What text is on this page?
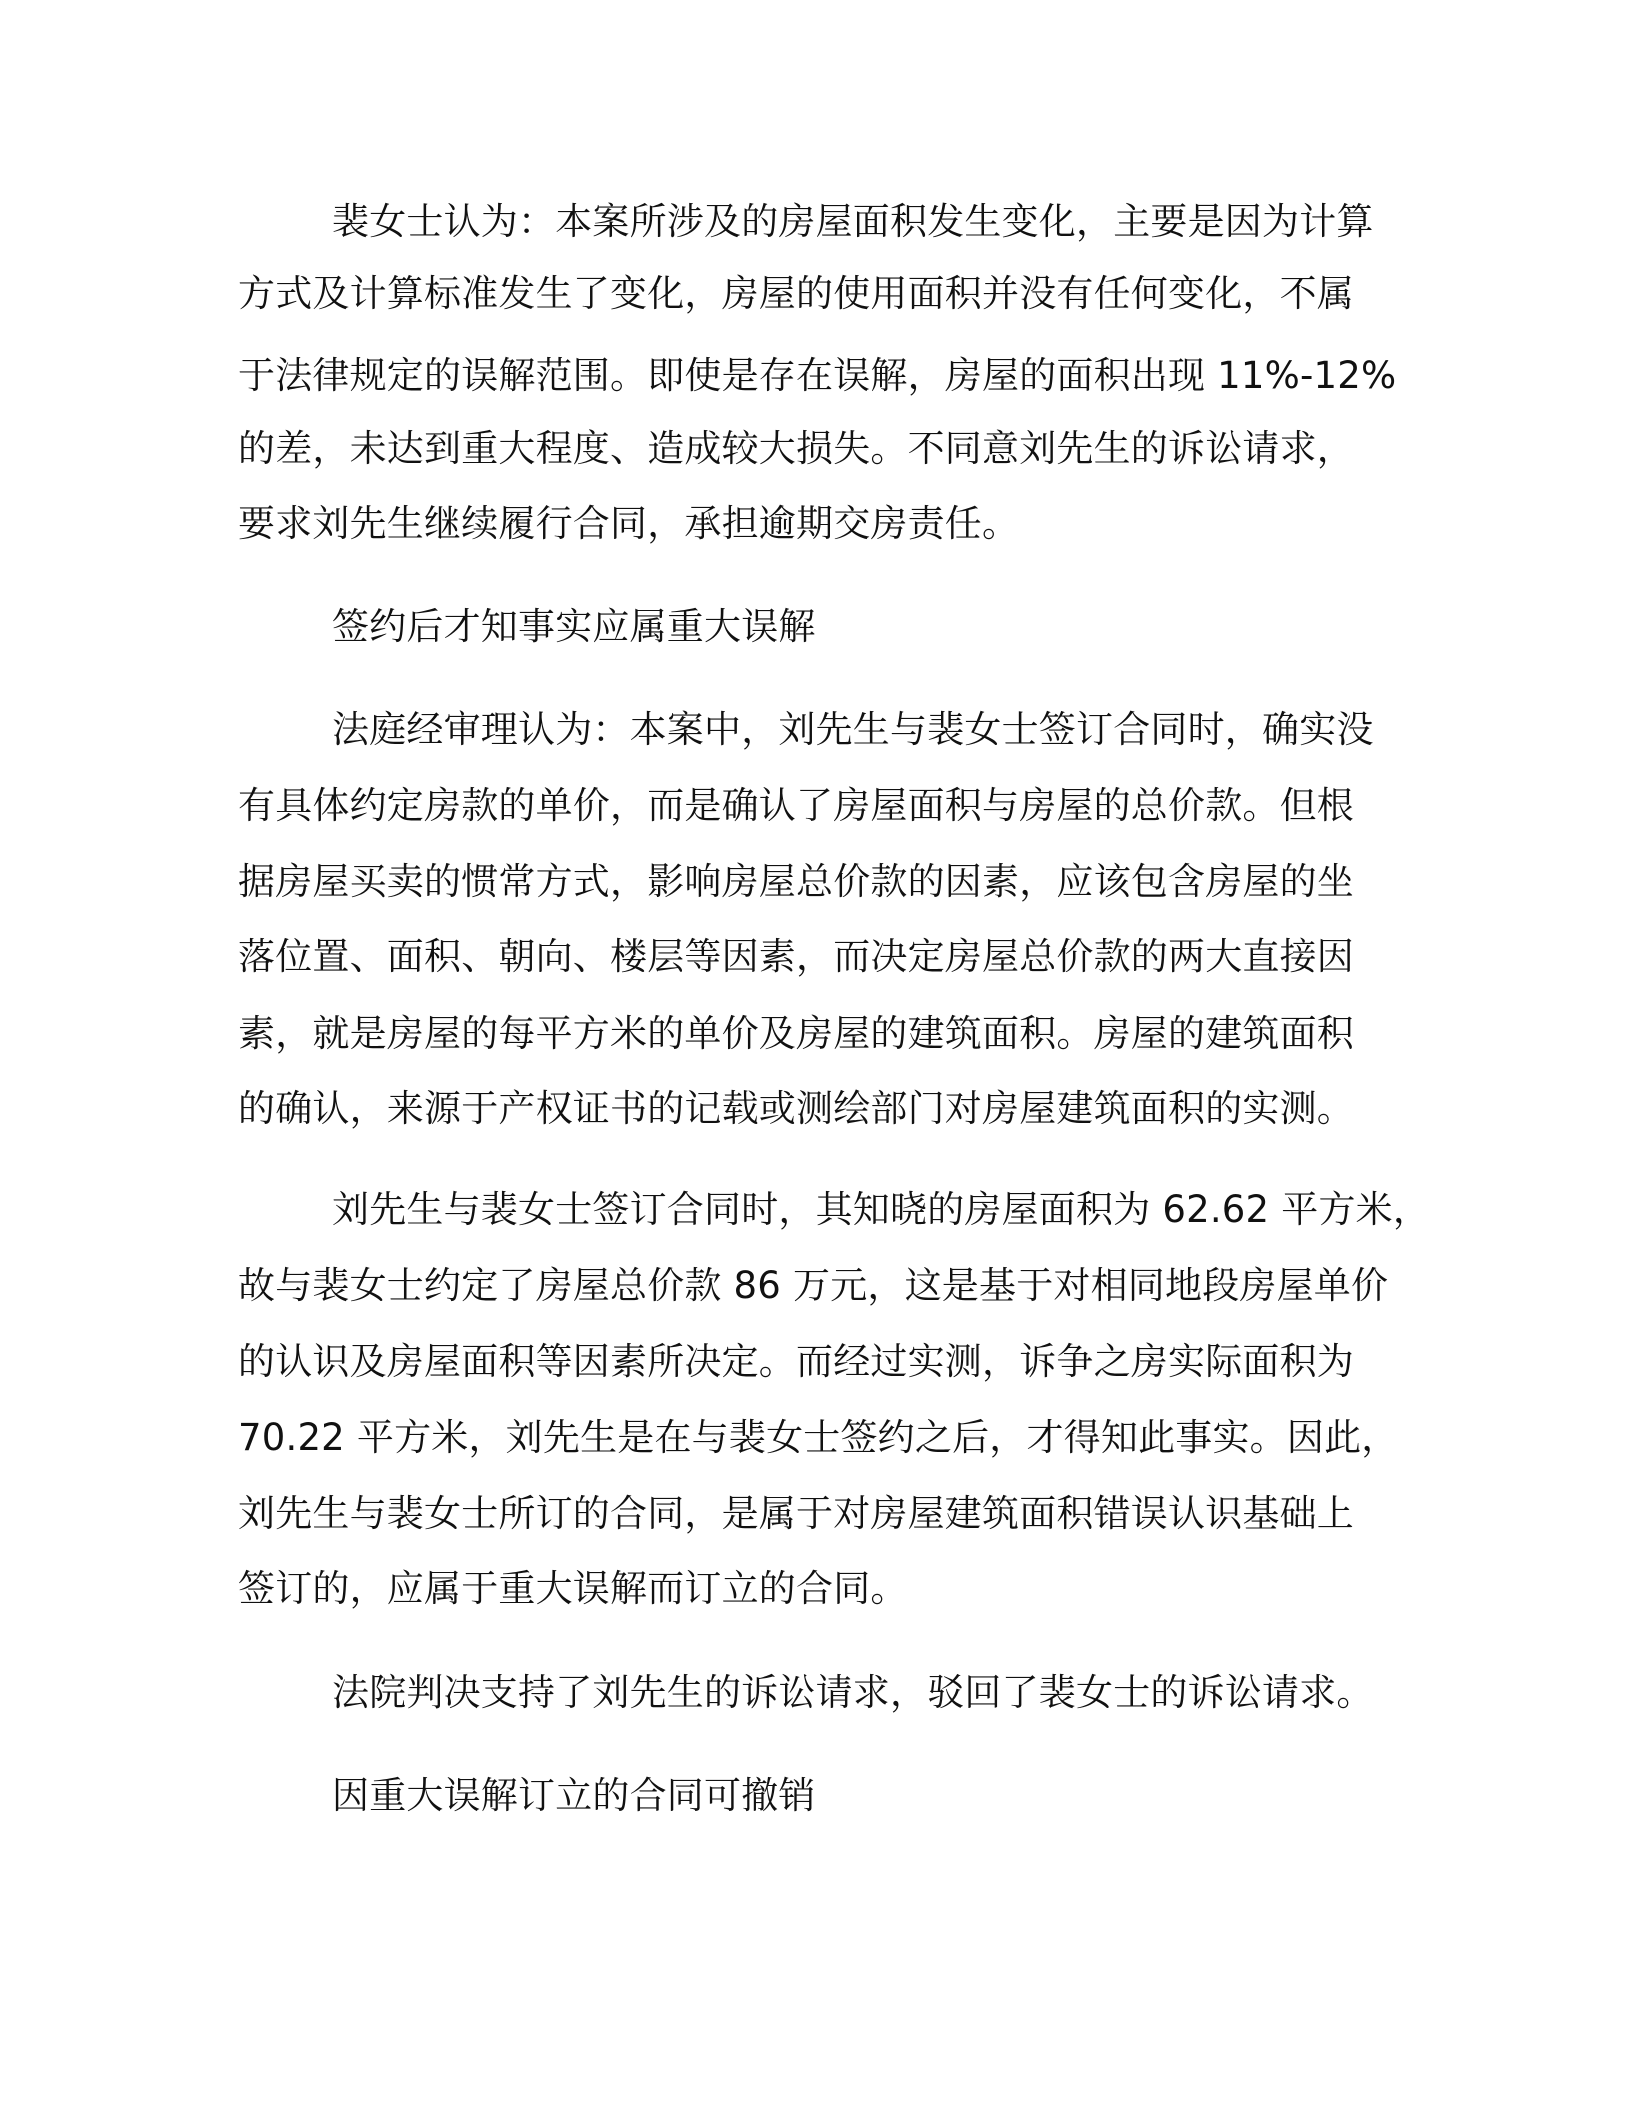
裴女士认为：本案所涉及的房屋面积发生变化，主要是因为计算
方式及计算标准发生了变化，房屋的使用面积并没有任何变化，不属
于法律规定的误解范围。即使是存在误解，房屋的面积出现 11%-12%
的差，未达到重大程度、造成较大损失。不同意刘先生的诉讼请求，
要求刘先生继续履行合同，承担逾期交房责任。
签约后才知事实应属重大误解
法庭经审理认为：本案中，刘先生与裴女士签订合同时，确实没
有具体约定房款的单价，而是确认了房屋面积与房屋的总价款。但根
据房屋买卖的惯常方式，影响房屋总价款的因素，应该包含房屋的坐
落位置、面积、朝向、楼层等因素，而决定房屋总价款的两大直接因
素，就是房屋的每平方米的单价及房屋的建筑面积。房屋的建筑面积
的确认，来源于产权证书的记载或测绘部门对房屋建筑面积的实测。
刘先生与裴女士签订合同时，其知晓的房屋面积为 62.62 平方米，
故与裴女士约定了房屋总价款 86 万元，这是基于对相同地段房屋单价
的认识及房屋面积等因素所决定。而经过实测，诉争之房实际面积为
70.22 平方米，刘先生是在与裴女士签约之后，才得知此事实。因此，
刘先生与裴女士所订的合同，是属于对房屋建筑面积错误认识基础上
签订的，应属于重大误解而订立的合同。
法院判决支持了刘先生的诉讼请求，驳回了裴女士的诉讼请求。
因重大误解订立的合同可撤销
